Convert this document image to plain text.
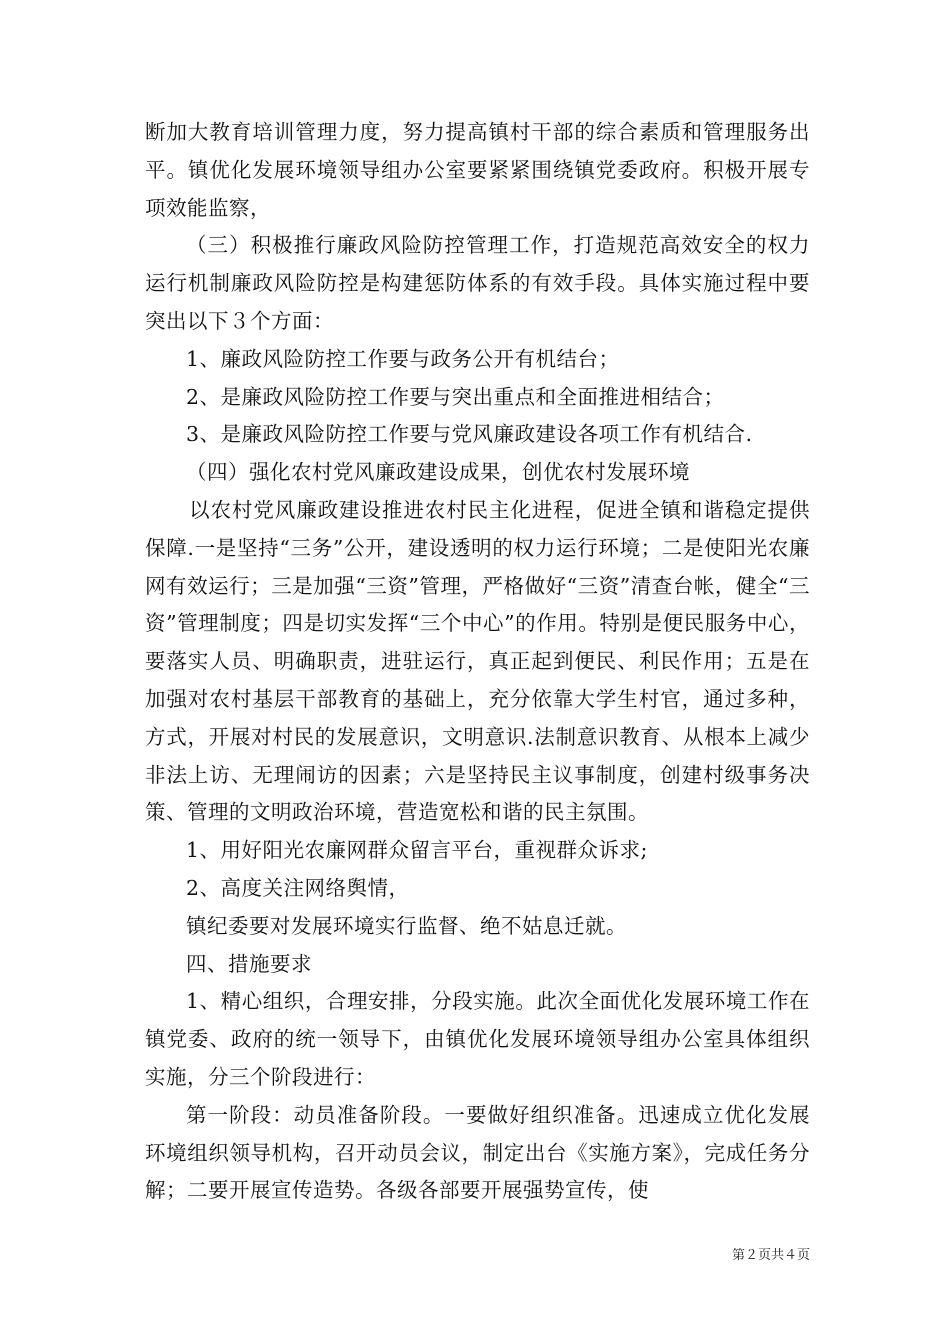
断加大教育培训管理力度，努力提高镇村干部的综合素质和管理服务出平。镇优化发展环境领导组办公室要紧紧围绕镇党委政府。积极开展专项效能监察，

（三）积极推行廉政风险防控管理工作，打造规范高效安全的权力运行机制廉政风险防控是构建惩防体系的有效手段。具体实施过程中要突出以下３个方面：

1、廉政风险防控工作要与政务公开有机结台；

2、是廉政风险防控工作要与突出重点和全面推进相结合；

3、是廉政风险防控工作要与党风廉政建设各项工作有机结合.

（四）强化农村党风廉政建设成果，创优农村发展环境

以农村党风廉政建设推进农村民主化进程，促进全镇和谐稳定提供保障.一是坚持“三务”公开，建设透明的权力运行环境；二是使阳光农廉网有效运行；三是加强“三资”管理，严格做好“三资”清查台帐，健全“三资”管理制度；四是切实发挥“三个中心”的作用。特别是便民服务中心，要落实人员、明确职责，进驻运行，真正起到便民、利民作用；五是在加强对农村基层干部教育的基础上，充分依靠大学生村官，通过多种，方式，开展对村民的发展意识，文明意识.法制意识教育、从根本上减少非法上访、无理闹访的因素；六是坚持民主议事制度，创建村级事务决策、管理的文明政治环境，营造宽松和谐的民主氛围。

1、用好阳光农廉网群众留言平台，重视群众诉求;

2、高度关注网络舆情，

镇纪委要对发展环境实行监督、绝不姑息迁就。

四、措施要求

1、精心组织，合理安排，分段实施。此次全面优化发展环境工作在镇党委、政府的统一领导下，由镇优化发展环境领导组办公室具体组织实施，分三个阶段进行：

第一阶段：动员准备阶段。一要做好组织准备。迅速成立优化发展环境组织领导机构，召开动员会议，制定出台《实施方案》，完成任务分解；二要开展宣传造势。各级各部要开展强势宣传，使

第２页共４页
